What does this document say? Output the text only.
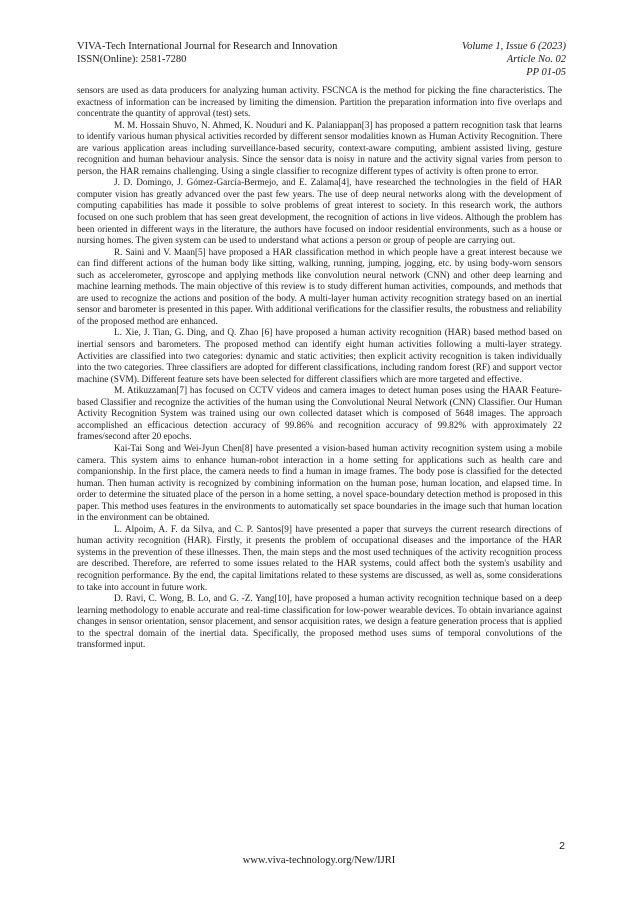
VIVA-Tech International Journal for Research and Innovation
ISSN(Online): 2581-7280
Volume 1, Issue 6 (2023)
Article No. 02
PP 01-05

sensors are used as data producers for analyzing human activity. FSCNCA is the method for picking the fine characteristics. The exactness of information can be increased by limiting the dimension. Partition the preparation information into five overlaps and concentrate the quantity of approval (test) sets.

M. M. Hossain Shuvo, N. Ahmed, K. Nouduri and K. Palaniappan[3] has proposed a pattern recognition task that learns to identify various human physical activities recorded by different sensor modalities known as Human Activity Recognition. There are various application areas including surveillance-based security, context-aware computing, ambient assisted living, gesture recognition and human behaviour analysis. Since the sensor data is noisy in nature and the activity signal varies from person to person, the HAR remains challenging. Using a single classifier to recognize different types of activity is often prone to error.

J. D. Domingo, J. Gómez-García-Bermejo, and E. Zalama[4], have researched the technologies in the field of HAR computer vision has greatly advanced over the past few years. The use of deep neural networks along with the development of computing capabilities has made it possible to solve problems of great interest to society. In this research work, the authors focused on one such problem that has seen great development, the recognition of actions in live videos. Although the problem has been oriented in different ways in the literature, the authors have focused on indoor residential environments, such as a house or nursing homes. The given system can be used to understand what actions a person or group of people are carrying out.

R. Saini and V. Maan[5] have proposed a HAR classification method in which people have a great interest because we can find different actions of the human body like sitting, walking, running, jumping, jogging, etc. by using body-worn sensors such as accelerometer, gyroscope and applying methods like convolution neural network (CNN) and other deep learning and machine learning methods. The main objective of this review is to study different human activities, compounds, and methods that are used to recognize the actions and position of the body. A multi-layer human activity recognition strategy based on an inertial sensor and barometer is presented in this paper. With additional verifications for the classifier results, the robustness and reliability of the proposed method are enhanced.

L. Xie, J. Tian, G. Ding, and Q. Zhao [6] have proposed a human activity recognition (HAR) based method based on inertial sensors and barometers. The proposed method can identify eight human activities following a multi-layer strategy. Activities are classified into two categories: dynamic and static activities; then explicit activity recognition is taken individually into the two categories. Three classifiers are adopted for different classifications, including random forest (RF) and support vector machine (SVM). Different feature sets have been selected for different classifiers which are more targeted and effective.

M. Atikuzzaman[7] has focused on CCTV videos and camera images to detect human poses using the HAAR Feature-based Classifier and recognize the activities of the human using the Convolutional Neural Network (CNN) Classifier. Our Human Activity Recognition System was trained using our own collected dataset which is composed of 5648 images. The approach accomplished an efficacious detection accuracy of 99.86% and recognition accuracy of 99.82% with approximately 22 frames/second after 20 epochs.

Kai-Tai Song and Wei-Jyun Chen[8] have presented a vision-based human activity recognition system using a mobile camera. This system aims to enhance human-robot interaction in a home setting for applications such as health care and companionship. In the first place, the camera needs to find a human in image frames. The body pose is classified for the detected human. Then human activity is recognized by combining information on the human pose, human location, and elapsed time. In order to determine the situated place of the person in a home setting, a novel space-boundary detection method is proposed in this paper. This method uses features in the environments to automatically set space boundaries in the image such that human location in the environment can be obtained.

L. Alpoim, A. F. da Silva, and C. P. Santos[9] have presented a paper that surveys the current research directions of human activity recognition (HAR). Firstly, it presents the problem of occupational diseases and the importance of the HAR systems in the prevention of these illnesses. Then, the main steps and the most used techniques of the activity recognition process are described. Therefore, are referred to some issues related to the HAR systems, could affect both the system's usability and recognition performance. By the end, the capital limitations related to these systems are discussed, as well as, some considerations to take into account in future work.

D. Ravi, C. Wong, B. Lo, and G. -Z. Yang[10], have proposed a human activity recognition technique based on a deep learning methodology to enable accurate and real-time classification for low-power wearable devices. To obtain invariance against changes in sensor orientation, sensor placement, and sensor acquisition rates, we design a feature generation process that is applied to the spectral domain of the inertial data. Specifically, the proposed method uses sums of temporal convolutions of the transformed input.

2
www.viva-technology.org/New/IJRI
